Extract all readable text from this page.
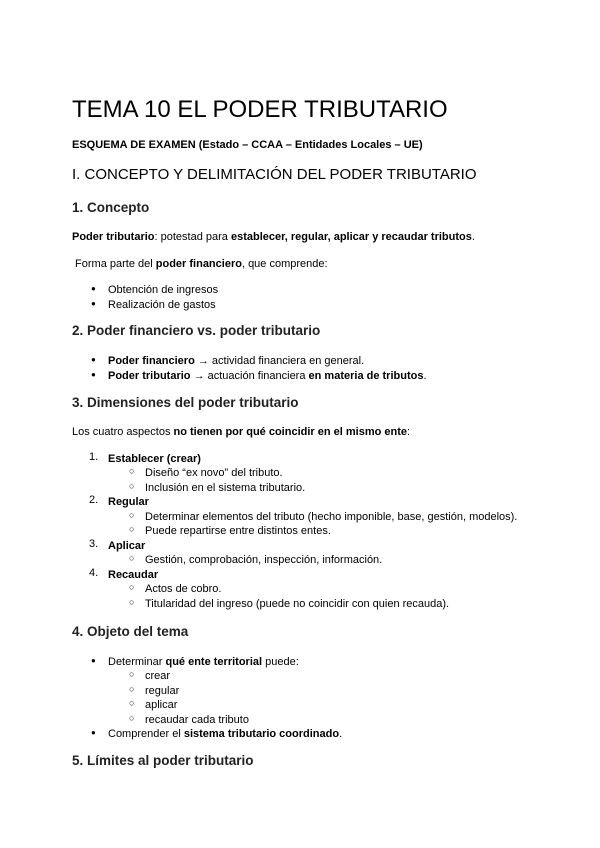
TEMA 10 EL PODER TRIBUTARIO
ESQUEMA DE EXAMEN (Estado – CCAA – Entidades Locales – UE)
I. CONCEPTO Y DELIMITACIÓN DEL PODER TRIBUTARIO
1. Concepto
Poder tributario: potestad para establecer, regular, aplicar y recaudar tributos.
Forma parte del poder financiero, que comprende:
● Obtención de ingresos
● Realización de gastos
2. Poder financiero vs. poder tributario
● Poder financiero → actividad financiera en general.
● Poder tributario → actuación financiera en materia de tributos.
3. Dimensiones del poder tributario
Los cuatro aspectos no tienen por qué coincidir en el mismo ente:
1. Establecer (crear)
○ Diseño “ex novo” del tributo.
○ Inclusión en el sistema tributario.
2. Regular
○ Determinar elementos del tributo (hecho imponible, base, gestión, modelos).
○ Puede repartirse entre distintos entes.
3. Aplicar
○ Gestión, comprobación, inspección, información.
4. Recaudar
○ Actos de cobro.
○ Titularidad del ingreso (puede no coincidir con quien recauda).
4. Objeto del tema
● Determinar qué ente territorial puede:
○ crear
○ regular
○ aplicar
○ recaudar cada tributo
● Comprender el sistema tributario coordinado.
5. Límites al poder tributario
